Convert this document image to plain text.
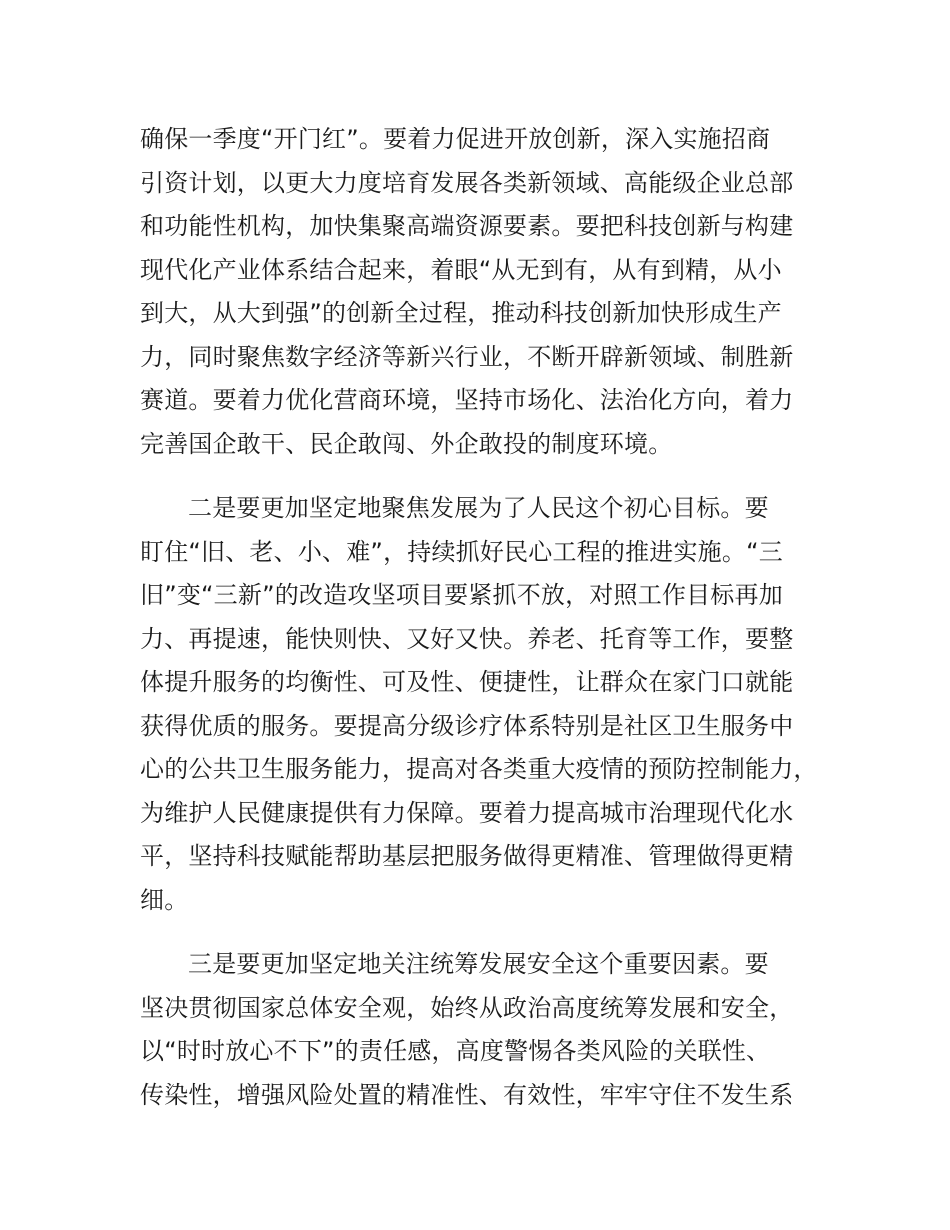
确保一季度“开门红”。要着力促进开放创新，深入实施招商
引资计划，以更大力度培育发展各类新领域、高能级企业总部
和功能性机构，加快集聚高端资源要素。要把科技创新与构建
现代化产业体系结合起来，着眼“从无到有，从有到精，从小
到大，从大到强”的创新全过程，推动科技创新加快形成生产
力，同时聚焦数字经济等新兴行业，不断开辟新领域、制胜新
赛道。要着力优化营商环境，坚持市场化、法治化方向，着力
完善国企敢干、民企敢闯、外企敢投的制度环境。
二是要更加坚定地聚焦发展为了人民这个初心目标。要
盯住“旧、老、小、难”，持续抓好民心工程的推进实施。“三
旧”变“三新”的改造攻坚项目要紧抓不放，对照工作目标再加
力、再提速，能快则快、又好又快。养老、托育等工作，要整
体提升服务的均衡性、可及性、便捷性，让群众在家门口就能
获得优质的服务。要提高分级诊疗体系特别是社区卫生服务中
心的公共卫生服务能力，提高对各类重大疫情的预防控制能力，
为维护人民健康提供有力保障。要着力提高城市治理现代化水
平，坚持科技赋能帮助基层把服务做得更精准、管理做得更精
细。
三是要更加坚定地关注统筹发展安全这个重要因素。要
坚决贯彻国家总体安全观，始终从政治高度统筹发展和安全，
以“时时放心不下”的责任感，高度警惕各类风险的关联性、
传染性，增强风险处置的精准性、有效性，牢牢守住不发生系
